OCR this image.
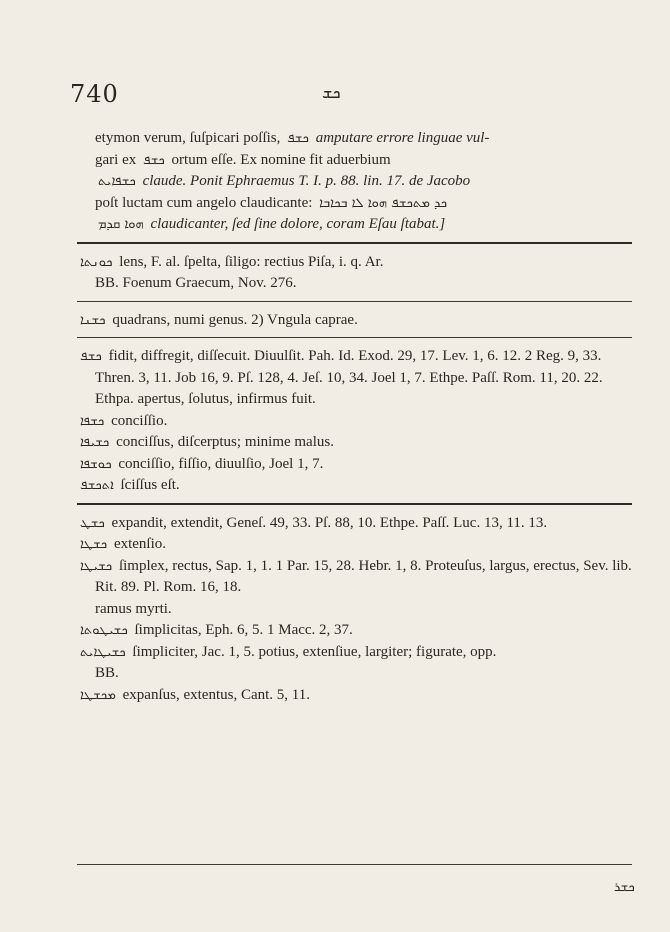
740	ܟܫ

etymon verum, ſuſpicari poſſis, ܟܫܦ amputare errore linguae vul-
gari ex ܟܫܦ ortum eſſe. Ex nomine fit aduerbium
ܟܫܦܐܝܬ claude. Ponit Ephraemus T. I. p. 88. lin. 17. de Jacobo
poſt luctam cum angelo claudicante: ܟܕ ܡܬܟܫܦ ܗܘܐ ܠܐ ܒܟܐܒܐ
ܗܘܐ ܩܕܡ claudicanter, ſed ſine dolore, coram Eſau ſtabat.]

ܟܘܢܬܐ lens, F. al. ſpelta, ſiligo: rectius Piſa, i. q. Ar.
BB. Foenum Graecum, Nov. 276.

ܟܫܢܐ quadrans, numi genus. 2) Vngula caprae.

ܟܫܦ fidit, diffregit, diſſecuit. Diuulſit. Pah. Id. Exod. 29, 17. Lev. 1, 6. 12. 2 Reg. 9, 33. Thren. 3, 11. Job 16, 9. Pſ. 128, 4. Jeſ. 10, 34. Joel 1, 7. Ethpe. Paſſ. Rom. 11, 20. 22. Ethpa. apertus, ſolutus, infirmus fuit.

ܟܫܦܐ conciſſio.

ܟܫܝܦܐ conciſſus, diſcerptus; minime malus.

ܟܘܫܦܐ conciſſio, fiſſio, diuulſio, Joel 1, 7.

ܐܬܟܫܦ ſciſſus eſt.

ܟܫܛ expandit, extendit, Geneſ. 49, 33. Pſ. 88, 10. Ethpe. Paſſ. Luc. 13, 11. 13.

ܟܫܛܐ extenſio.

ܟܫܝܛܐ ſimplex, rectus, Sap. 1, 1. 1 Par. 15, 28. Hebr. 1, 8. Proteuſus, largus, erectus, Sev. lib. Rit. 89. Pl. Rom. 16, 18.
ramus myrti.

ܟܫܝܛܘܬܐ ſimplicitas, Eph. 6, 5. 1 Macc. 2, 37.

ܟܫܝܛܐܝܬ ſimpliciter, Jac. 1, 5. potius, extenſiue, largiter; figurate, opp.
BB.

ܡܟܫܛܐ expanſus, extentus, Cant. 5, 11.

ܟܫܪ
